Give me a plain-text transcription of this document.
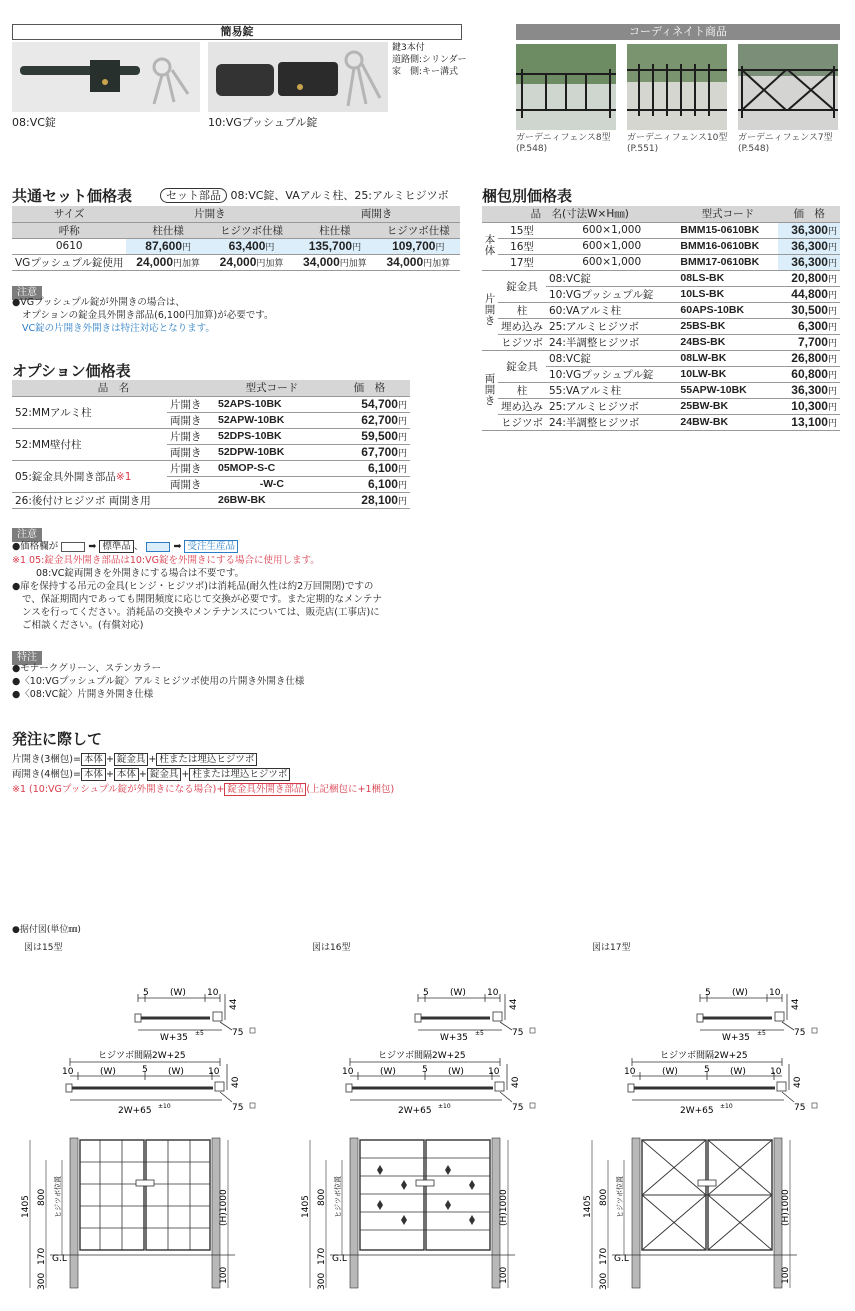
簡易錠
08:VC錠	10:VGプッシュプル錠
鍵3本付
道路側:シリンダー
家　側:キー溝式
コーディネイト商品
ガーデニィフェンス8型
(P.548)
ガーデニィフェンス10型
(P.551)
ガーデニィフェンス7型
(P.548)
共通セット価格表	セット部品 08:VC錠、VAアルミ柱、25:アルミヒジツボ
サイズ	片開き		両開き	
呼称	柱仕様	ヒジツボ仕様	柱仕様	ヒジツボ仕様
0610	87,600円	63,400円	135,700円	109,700円
VGプッシュプル錠使用	24,000円加算	24,000円加算	34,000円加算	34,000円加算
注意
●VGプッシュプル錠が外開きの場合は、
オプションの錠金具外開き部品(6,100円加算)が必要です。
VC錠の片開き外開きは特注対応となります。
オプション価格表
品　名		型式コード	価　格
52:MMアルミ柱	片開き	52APS-10BK	54,700円
	両開き	52APW-10BK	62,700円
52:MM壁付柱	片開き	52DPS-10BK	59,500円
	両開き	52DPW-10BK	67,700円
05:錠金具外開き部品※1	片開き	05MOP-S-C	6,100円
	両開き	-W-C	6,100円
26:後付けヒジツボ 両開き用		26BW-BK	28,100円
注意
●価格欄が	➡ 標準品 、	➡ 受注生産品
※1 05:錠金具外開き部品は10:VG錠を外開きにする場合に使用します。
08:VC錠両開きを外開きにする場合は不要です。
●扉を保持する吊元の金具(ヒンジ・ヒジツボ)は消耗品(耐久性は約2万回開閉)ですの
で、保証期間内であっても開閉頻度に応じて交換が必要です。また定期的なメンテナ
ンスを行ってください。消耗品の交換やメンテナンスについては、販売店(工事店)に
ご相談ください。(有償対応)
特注
●モナークグリーン、ステンカラー
●〈10:VGプッシュプル錠〉アルミヒジツボ使用の片開き外開き仕様
●〈08:VC錠〉片開き外開き仕様
発注に際して
片開き(3梱包)= 本体 + 錠金具 + 柱または埋込ヒジツボ
両開き(4梱包)= 本体 + 本体 + 錠金具 + 柱または埋込ヒジツボ
※1 (10:VGプッシュプル錠が外開きになる場合)+ 錠金具外開き部品 (上記梱包に+1梱包)
梱包別価格表
品　名(寸法W×H㎜)			型式コード	価　格
本体	15型	600×1,000	BMM15-0610BK	36,300円
	16型	600×1,000	BMM16-0610BK	36,300円
	17型	600×1,000	BMM17-0610BK	36,300円
片開き	錠金具	08:VC錠	08LS-BK	20,800円
		10:VGプッシュプル錠	10LS-BK	44,800円
	柱	60:VAアルミ柱	60APS-10BK	30,500円
	埋め込み	25:アルミヒジツボ	25BS-BK	6,300円
	ヒジツボ	24:半調整ヒジツボ	24BS-BK	7,700円
両開き	錠金具	08:VC錠	08LW-BK	26,800円
		10:VGプッシュプル錠	10LW-BK	60,800円
	柱	55:VAアルミ柱	55APW-10BK	36,300円
	埋め込み	25:アルミヒジツボ	25BW-BK	10,300円
	ヒジツボ	24:半調整ヒジツボ	24BW-BK	13,100円
●据付図(単位㎜)
図は15型	図は16型	図は17型
5 (W) 10
44
W+35 ±5	75
ヒジツボ間隔2W+25
10	(W)	5 (W)	10
40
2W+65 ±10	75
1405 800 ヒジツボ位置	(H)1000
170 G.L
300	100
5 (W) 10
44
W+35 ±5	75
ヒジツボ間隔2W+25
10	(W)	5 (W)	10
40
2W+65 ±10	75
1405 800 ヒジツボ位置	(H)1000
170 G.L
300	100
5 (W) 10
44
W+35 ±5	75
ヒジツボ間隔2W+25
10	(W)	5 (W)	10
40
2W+65 ±10	75
1405 800 ヒジツボ位置	(H)1000
170 G.L
300	100
